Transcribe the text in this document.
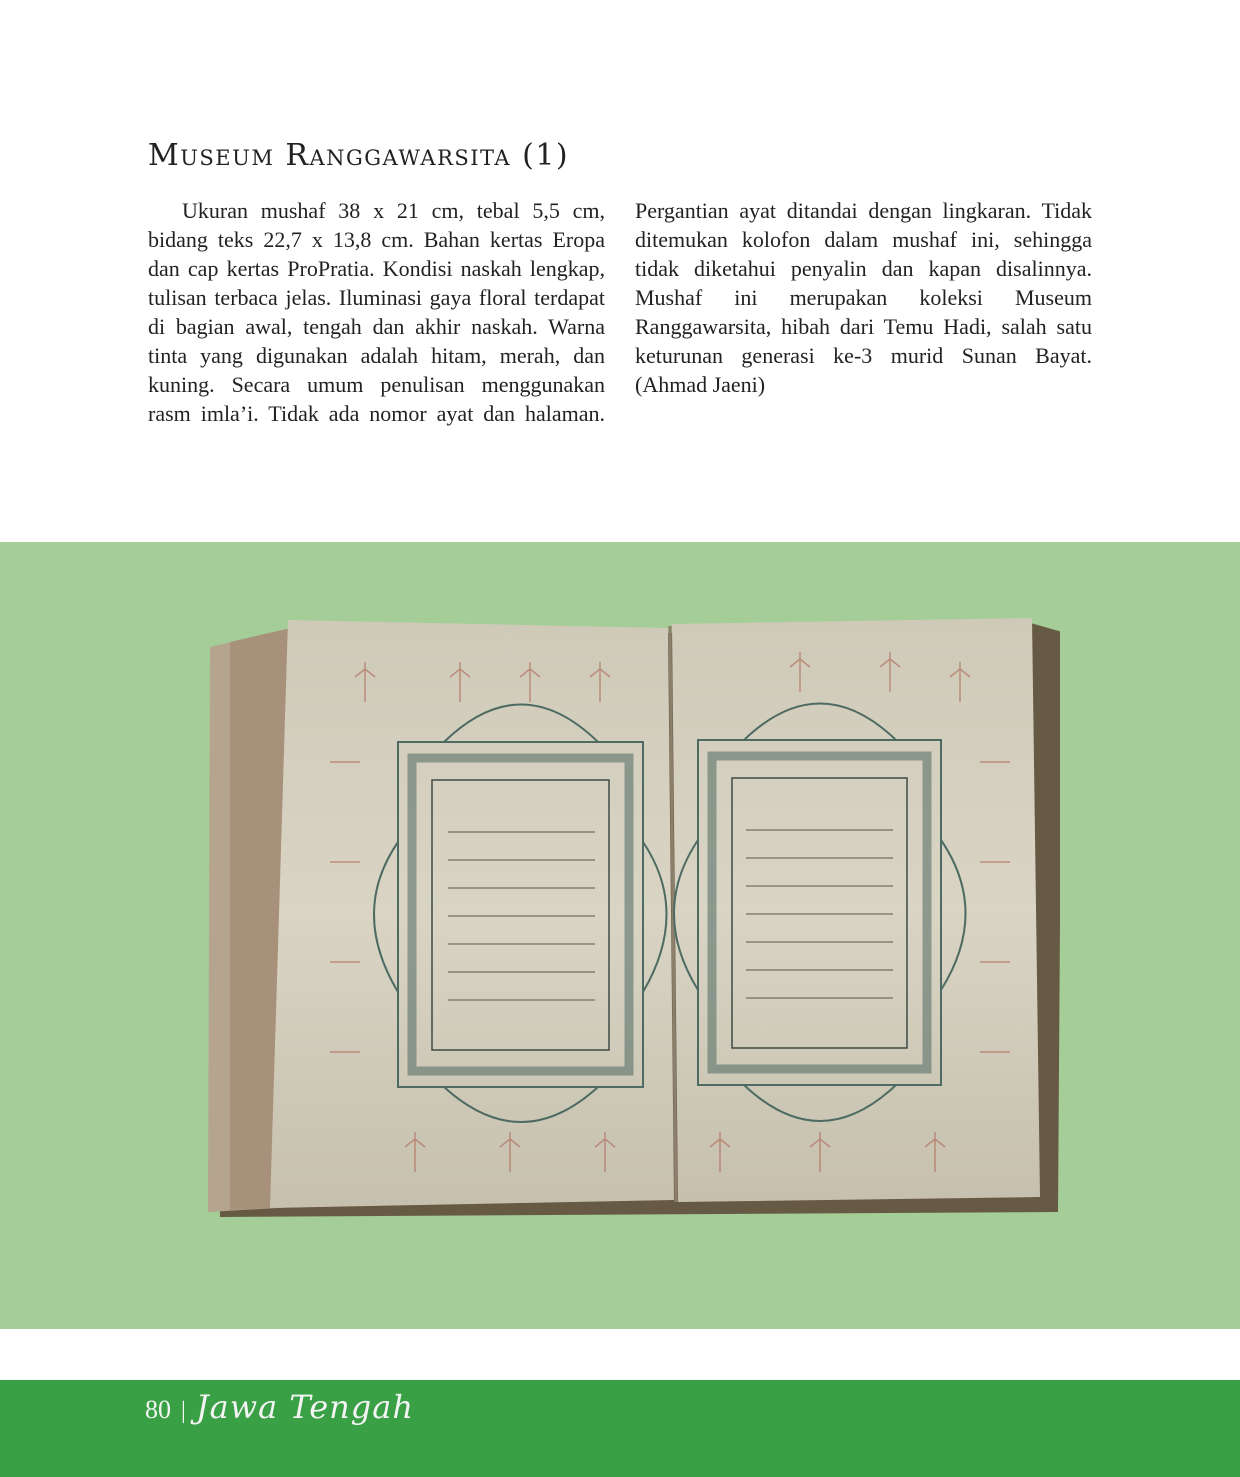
Museum Ranggawarsita (1)

Ukuran mushaf 38 x 21 cm, tebal 5,5 cm, bidang teks 22,7 x 13,8 cm. Bahan kertas Eropa dan cap kertas ProPratia. Kondisi naskah lengkap, tulisan terbaca jelas. Iluminasi gaya floral terdapat di bagian awal, tengah dan akhir naskah. Warna tinta yang digunakan adalah hitam, merah, dan kuning. Secara umum penulisan menggunakan rasm imla’i. Tidak ada nomor ayat dan halaman. Pergantian ayat ditandai dengan lingkaran. Tidak ditemukan kolofon dalam mushaf ini, sehingga tidak diketahui penyalin dan kapan disalinnya. Mushaf ini merupakan koleksi Museum Ranggawarsita, hibah dari Temu Hadi, salah satu keturunan generasi ke-3 murid Sunan Bayat. (Ahmad Jaeni)

80 | Jawa Tengah
